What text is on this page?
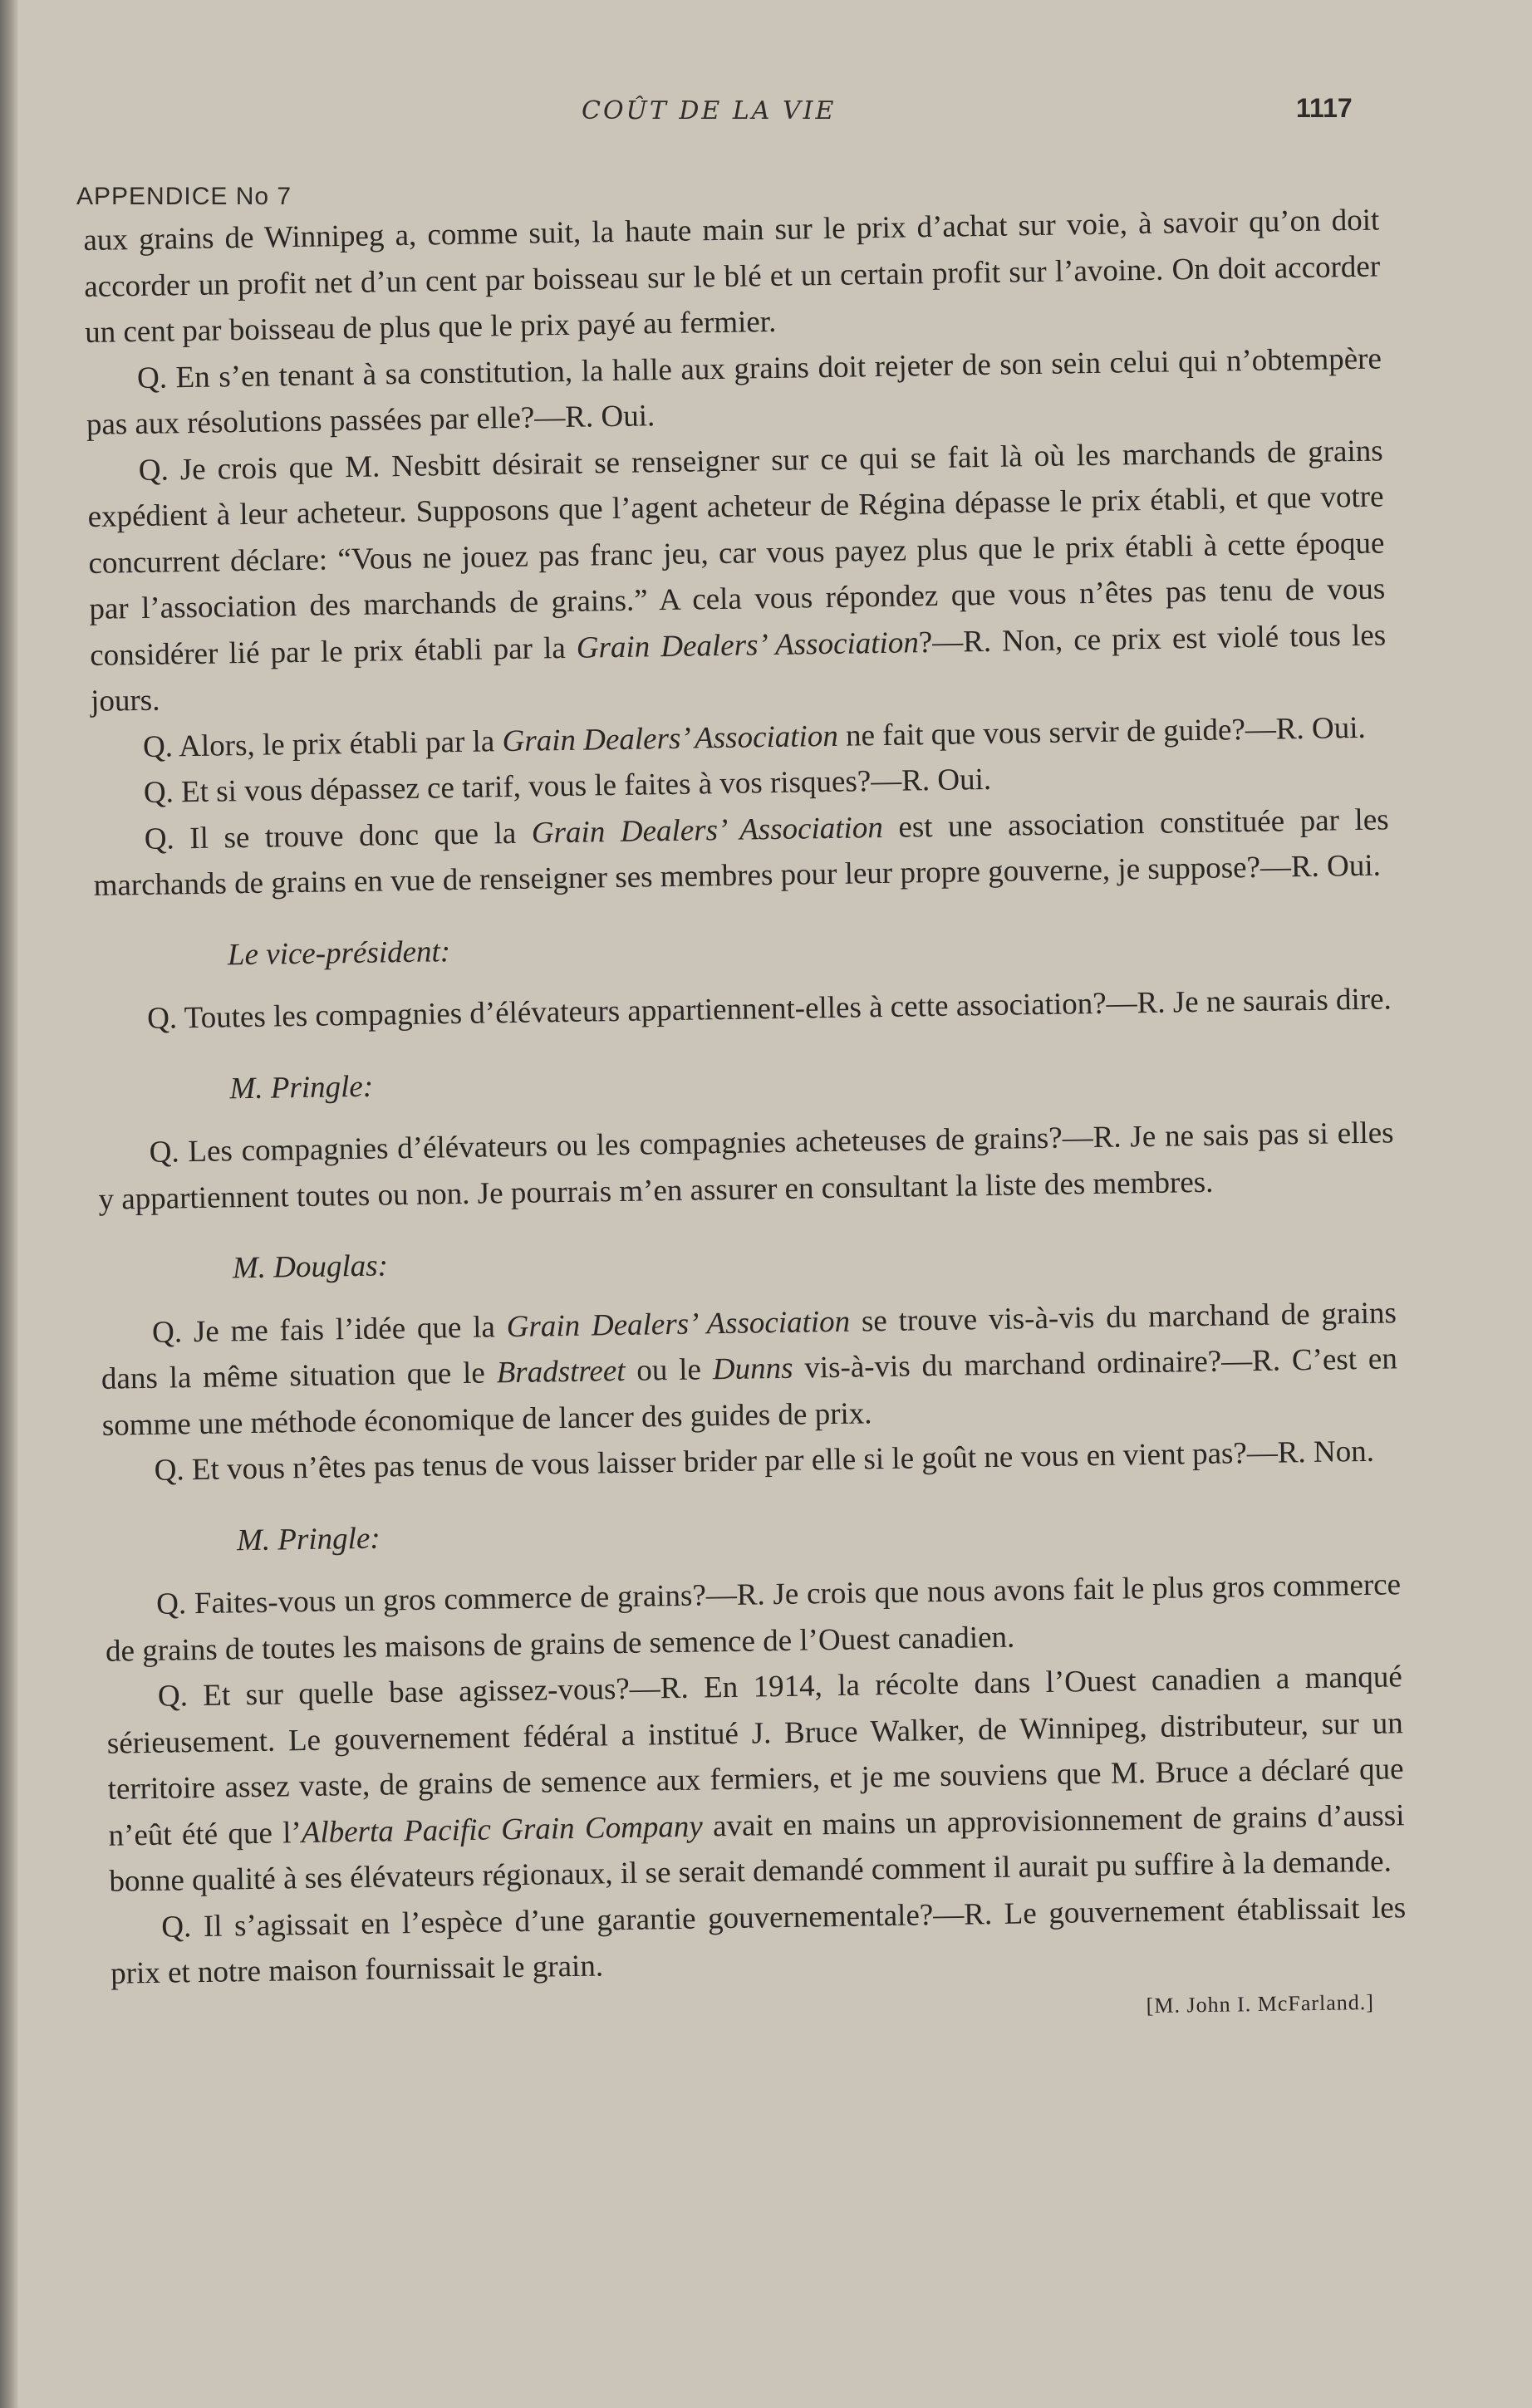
COÛT DE LA VIE	1117
APPENDICE No 7

aux grains de Winnipeg a, comme suit, la haute main sur le prix d’achat sur voie, à savoir qu’on doit accorder un profit net d’un cent par boisseau sur le blé et un certain profit sur l’avoine. On doit accorder un cent par boisseau de plus que le prix payé au fermier.

Q. En s’en tenant à sa constitution, la halle aux grains doit rejeter de son sein celui qui n’obtempère pas aux résolutions passées par elle?—R. Oui.

Q. Je crois que M. Nesbitt désirait se renseigner sur ce qui se fait là où les marchands de grains expédient à leur acheteur. Supposons que l’agent acheteur de Régina dépasse le prix établi, et que votre concurrent déclare: “Vous ne jouez pas franc jeu, car vous payez plus que le prix établi à cette époque par l’association des marchands de grains.” A cela vous répondez que vous n’êtes pas tenu de vous considérer lié par le prix établi par la Grain Dealers’ Association?—R. Non, ce prix est violé tous les jours.

Q. Alors, le prix établi par la Grain Dealers’ Association ne fait que vous servir de guide?—R. Oui.

Q. Et si vous dépassez ce tarif, vous le faites à vos risques?—R. Oui.

Q. Il se trouve donc que la Grain Dealers’ Association est une association constituée par les marchands de grains en vue de renseigner ses membres pour leur propre gouverne, je suppose?—R. Oui.

Le vice-président:

Q. Toutes les compagnies d’élévateurs appartiennent-elles à cette association?—R. Je ne saurais dire.

M. Pringle:

Q. Les compagnies d’élévateurs ou les compagnies acheteuses de grains?—R. Je ne sais pas si elles y appartiennent toutes ou non. Je pourrais m’en assurer en consultant la liste des membres.

M. Douglas:

Q. Je me fais l’idée que la Grain Dealers’ Association se trouve vis-à-vis du marchand de grains dans la même situation que le Bradstreet ou le Dunns vis-à-vis du marchand ordinaire?—R. C’est en somme une méthode économique de lancer des guides de prix.

Q. Et vous n’êtes pas tenus de vous laisser brider par elle si le goût ne vous en vient pas?—R. Non.

M. Pringle:

Q. Faites-vous un gros commerce de grains?—R. Je crois que nous avons fait le plus gros commerce de grains de toutes les maisons de grains de semence de l’Ouest canadien.

Q. Et sur quelle base agissez-vous?—R. En 1914, la récolte dans l’Ouest canadien a manqué sérieusement. Le gouvernement fédéral a institué J. Bruce Walker, de Winnipeg, distributeur, sur un territoire assez vaste, de grains de semence aux fermiers, et je me souviens que M. Bruce a déclaré que n’eût été que l’Alberta Pacific Grain Company avait en mains un approvisionnement de grains d’aussi bonne qualité à ses élévateurs régionaux, il se serait demandé comment il aurait pu suffire à la demande.

Q. Il s’agissait en l’espèce d’une garantie gouvernementale?—R. Le gouvernement établissait les prix et notre maison fournissait le grain.

[M. John I. McFarland.]
